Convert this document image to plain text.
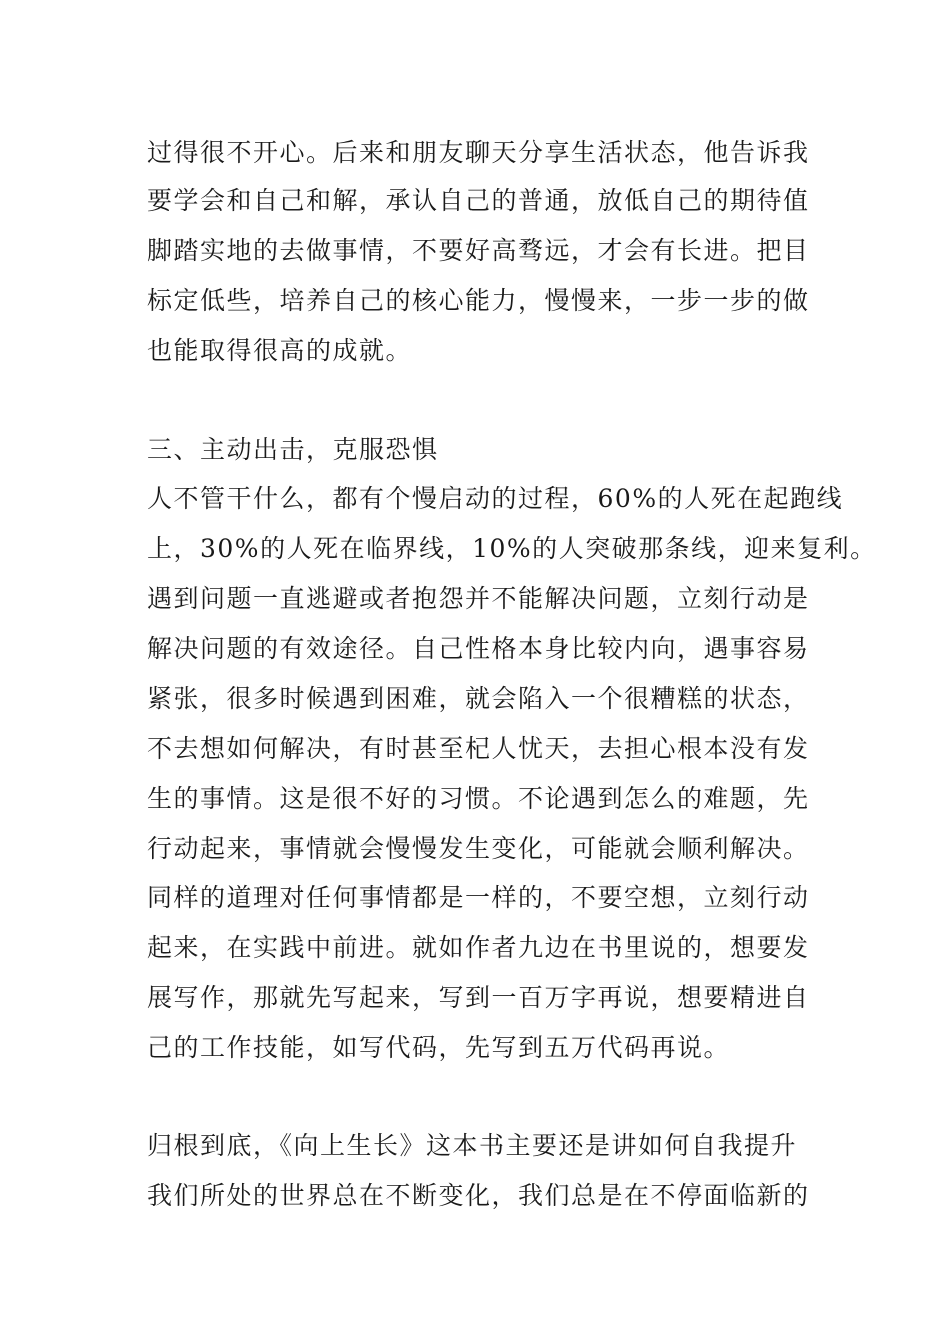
过得很不开心。后来和朋友聊天分享生活状态，他告诉我
要学会和自己和解，承认自己的普通，放低自己的期待值
脚踏实地的去做事情，不要好高骛远，才会有长进。把目
标定低些，培养自己的核心能力，慢慢来，一步一步的做
也能取得很高的成就。
三、主动出击，克服恐惧
人不管干什么，都有个慢启动的过程，60%的人死在起跑线
上，30%的人死在临界线，10%的人突破那条线，迎来复利。
遇到问题一直逃避或者抱怨并不能解决问题，立刻行动是
解决问题的有效途径。自己性格本身比较内向，遇事容易
紧张，很多时候遇到困难，就会陷入一个很糟糕的状态，
不去想如何解决，有时甚至杞人忧天，去担心根本没有发
生的事情。这是很不好的习惯。不论遇到怎么的难题，先
行动起来，事情就会慢慢发生变化，可能就会顺利解决。
同样的道理对任何事情都是一样的，不要空想，立刻行动
起来，在实践中前进。就如作者九边在书里说的，想要发
展写作，那就先写起来，写到一百万字再说，想要精进自
己的工作技能，如写代码，先写到五万代码再说。
归根到底，《向上生长》这本书主要还是讲如何自我提升
我们所处的世界总在不断变化，我们总是在不停面临新的
